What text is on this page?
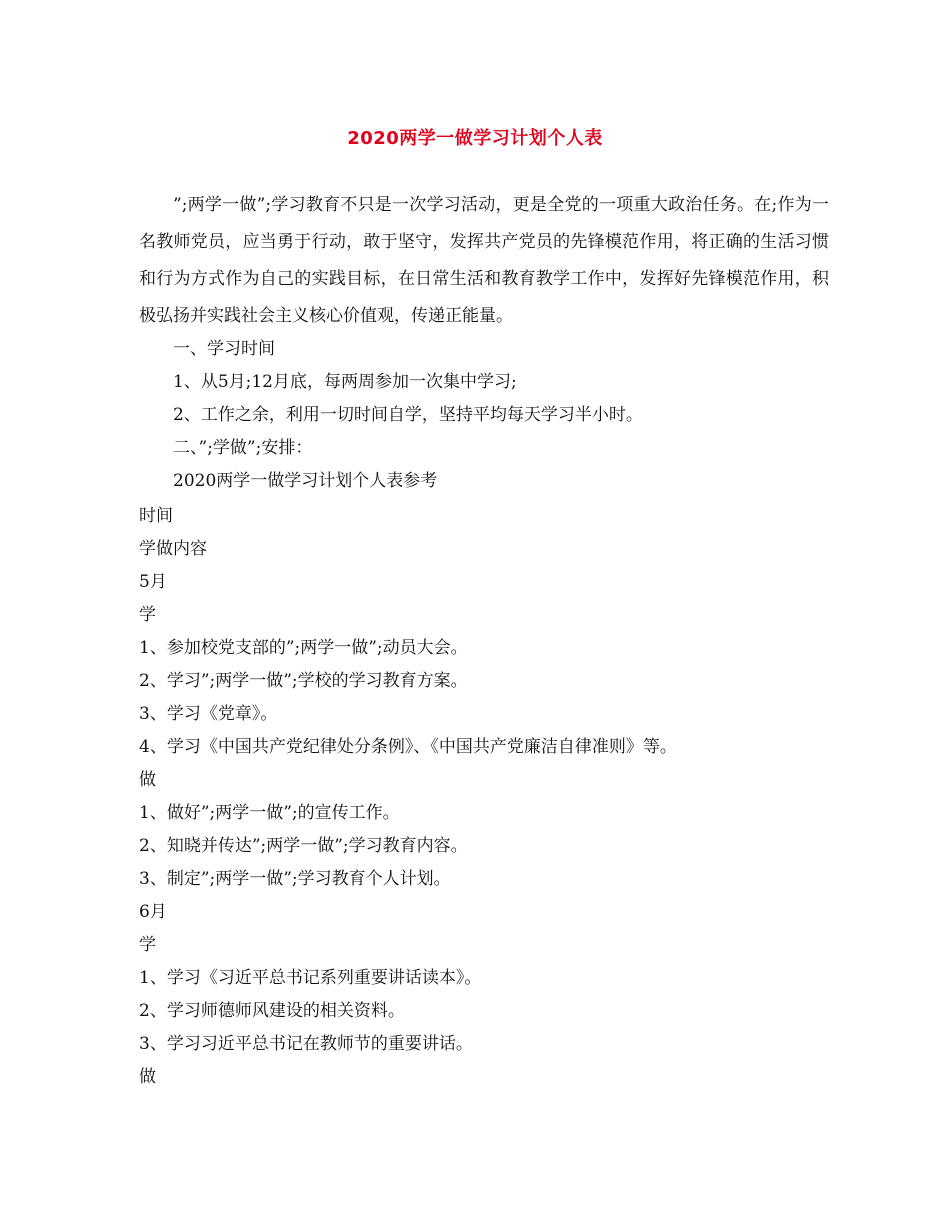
2020两学一做学习计划个人表

”;两学一做”;学习教育不只是一次学习活动，更是全党的一项重大政治任务。在;作为一名教师党员，应当勇于行动，敢于坚守，发挥共产党员的先锋模范作用，将正确的生活习惯和行为方式作为自己的实践目标，在日常生活和教育教学工作中，发挥好先锋模范作用，积极弘扬并实践社会主义核心价值观，传递正能量。

一、学习时间

1、从5月;12月底，每两周参加一次集中学习;

2、工作之余，利用一切时间自学，坚持平均每天学习半小时。

二、”;学做”;安排：

2020两学一做学习计划个人表参考

时间

学做内容

5月

学

1、参加校党支部的”;两学一做”;动员大会。

2、学习”;两学一做”;学校的学习教育方案。

3、学习《党章》。

4、学习《中国共产党纪律处分条例》、《中国共产党廉洁自律准则》等。

做

1、做好”;两学一做”;的宣传工作。

2、知晓并传达”;两学一做”;学习教育内容。

3、制定”;两学一做”;学习教育个人计划。

6月

学

1、学习《习近平总书记系列重要讲话读本》。

2、学习师德师风建设的相关资料。

3、学习习近平总书记在教师节的重要讲话。

做
